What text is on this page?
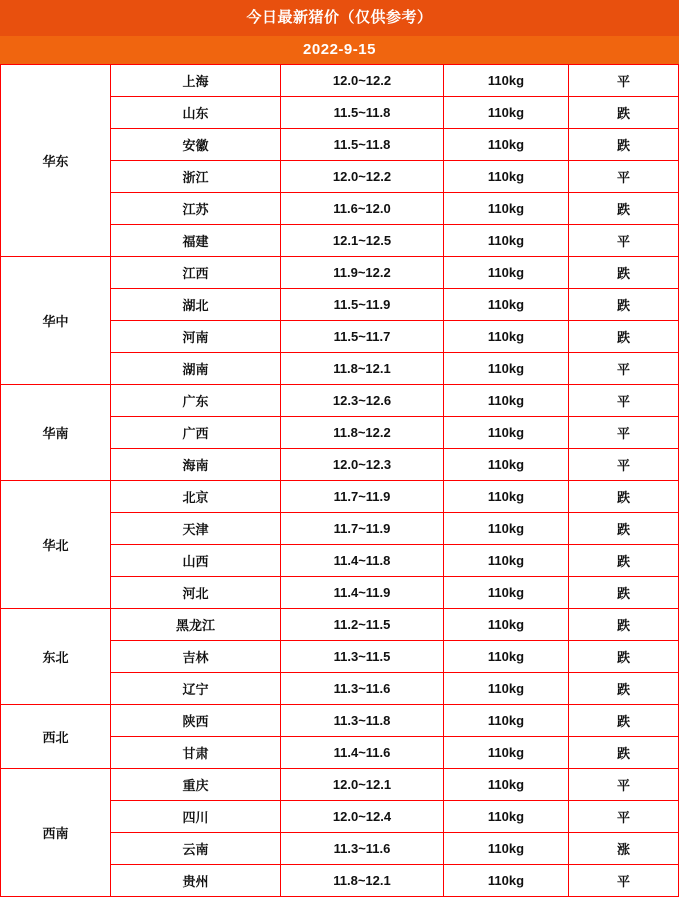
今日最新猪价（仅供参考）
2022-9-15
华东	上海	12.0~12.2	110kg	平
	山东	11.5~11.8	110kg	跌
	安徽	11.5~11.8	110kg	跌
	浙江	12.0~12.2	110kg	平
	江苏	11.6~12.0	110kg	跌
	福建	12.1~12.5	110kg	平
华中	江西	11.9~12.2	110kg	跌
	湖北	11.5~11.9	110kg	跌
	河南	11.5~11.7	110kg	跌
	湖南	11.8~12.1	110kg	平
华南	广东	12.3~12.6	110kg	平
	广西	11.8~12.2	110kg	平
	海南	12.0~12.3	110kg	平
华北	北京	11.7~11.9	110kg	跌
	天津	11.7~11.9	110kg	跌
	山西	11.4~11.8	110kg	跌
	河北	11.4~11.9	110kg	跌
东北	黑龙江	11.2~11.5	110kg	跌
	吉林	11.3~11.5	110kg	跌
	辽宁	11.3~11.6	110kg	跌
西北	陕西	11.3~11.8	110kg	跌
	甘肃	11.4~11.6	110kg	跌
西南	重庆	12.0~12.1	110kg	平
	四川	12.0~12.4	110kg	平
	云南	11.3~11.6	110kg	涨
	贵州	11.8~12.1	110kg	平
